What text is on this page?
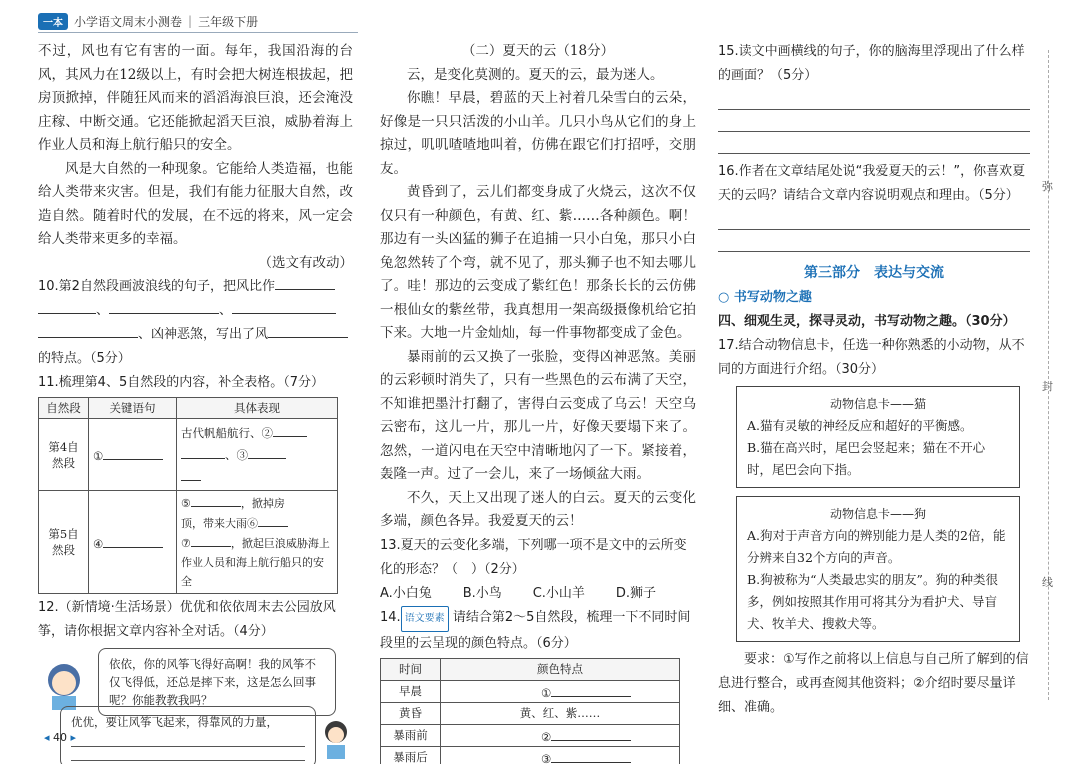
一本 小学语文周末小测卷 | 三年级下册
不过，风也有它有害的一面。每年，我国沿海的台风，其风力在12级以上，有时会把大树连根拔起，把房顶掀掉，伴随狂风而来的滔滔海浪巨浪，还会淹没庄稼、中断交通。它还能掀起滔天巨浪，威胁着海上作业人员和海上航行船只的安全。
风是大自然的一种现象。它能给人类造福，也能给人类带来灾害。但是，我们有能力征服大自然，改造自然。随着时代的发展，在不远的将来，风一定会给人类带来更多的幸福。
（选文有改动）
10.第2自然段画波浪线的句子，把风比作
、	、
、凶神恶煞，写出了风
的特点。（5分）
11.梳理第4、5自然段的内容，补全表格。（7分）
自然段	关键语句	具体表现
第4自然段	①	古代帆船航行、②
、③

第5自然段	④	⑤ ，掀掉房
顶，带来大雨⑥
⑦ ，掀起巨浪威胁海上作业人员和海上航行船只的安全
12.（新情境·生活场景）优优和依依周末去公园放风筝，请你根据文章内容补全对话。（4分）
依依，你的风筝飞得好高啊！我的风筝不仅飞得低，还总是摔下来，这是怎么回事呢？你能教教我吗？
优优，要让风筝飞起来，得靠风的力量，
◂ 40 ▸
（二）夏天的云（18分）
云，是变化莫测的。夏天的云，最为迷人。
你瞧！早晨，碧蓝的天上衬着几朵雪白的云朵，好像是一只只活泼的小山羊。几只小鸟从它们的身上掠过，叽叽喳喳地叫着，仿佛在跟它们打招呼，交朋友。
黄昏到了，云儿们都变身成了火烧云，这次不仅仅只有一种颜色，有黄、红、紫……各种颜色。啊！那边有一头凶猛的狮子在追捕一只小白兔，那只小白兔忽然转了个弯，就不见了，那头狮子也不知去哪儿了。哇！那边的云变成了紫红色！那条长长的云仿佛一根仙女的紫丝带，我真想用一架高级摄像机给它拍下来。大地一片金灿灿，每一件事物都变成了金色。
暴雨前的云又换了一张脸，变得凶神恶煞。美丽的云彩顿时消失了，只有一些黑色的云布满了天空，不知谁把墨汁打翻了，害得白云变成了乌云！天空乌云密布，这儿一片，那儿一片，好像天要塌下来了。忽然，一道闪电在天空中清晰地闪了一下。紧接着，轰隆一声。过了一会儿，来了一场倾盆大雨。
不久，天上又出现了迷人的白云。夏天的云变化多端，颜色各异。我爱夏天的云！
13.夏天的云变化多端，下列哪一项不是文中的云所变化的形态？（　）（2分）
A.小白兔 B.小鸟 C.小山羊 D.狮子
14. 语文要素 请结合第2～5自然段，梳理一下不同时间段里的云呈现的颜色特点。（6分）
时间	颜色特点
早晨	①
黄昏	黄、红、紫……
暴雨前	②
暴雨后	③
15.读文中画横线的句子，你的脑海里浮现出了什么样的画面？（5分）
16.作者在文章结尾处说“我爱夏天的云！”，你喜欢夏天的云吗？请结合文章内容说明观点和理由。（5分）
第三部分　表达与交流
○ 书写动物之趣
四、细观生灵，探寻灵动，书写动物之趣。（30分）
17.结合动物信息卡，任选一种你熟悉的小动物，从不同的方面进行介绍。（30分）
动物信息卡——猫
A.猫有灵敏的神经反应和超好的平衡感。
B.猫在高兴时，尾巴会竖起来；猫在不开心时，尾巴会向下指。
动物信息卡——狗
A.狗对于声音方向的辨别能力是人类的2倍，能分辨来自32个方向的声音。
B.狗被称为“人类最忠实的朋友”。狗的种类很多，例如按照其作用可将其分为看护犬、导盲犬、牧羊犬、搜救犬等。
要求：①写作之前将以上信息与自己所了解到的信息进行整合，或再查阅其他资料；②介绍时要尽量详细、准确。
弥
封
线
